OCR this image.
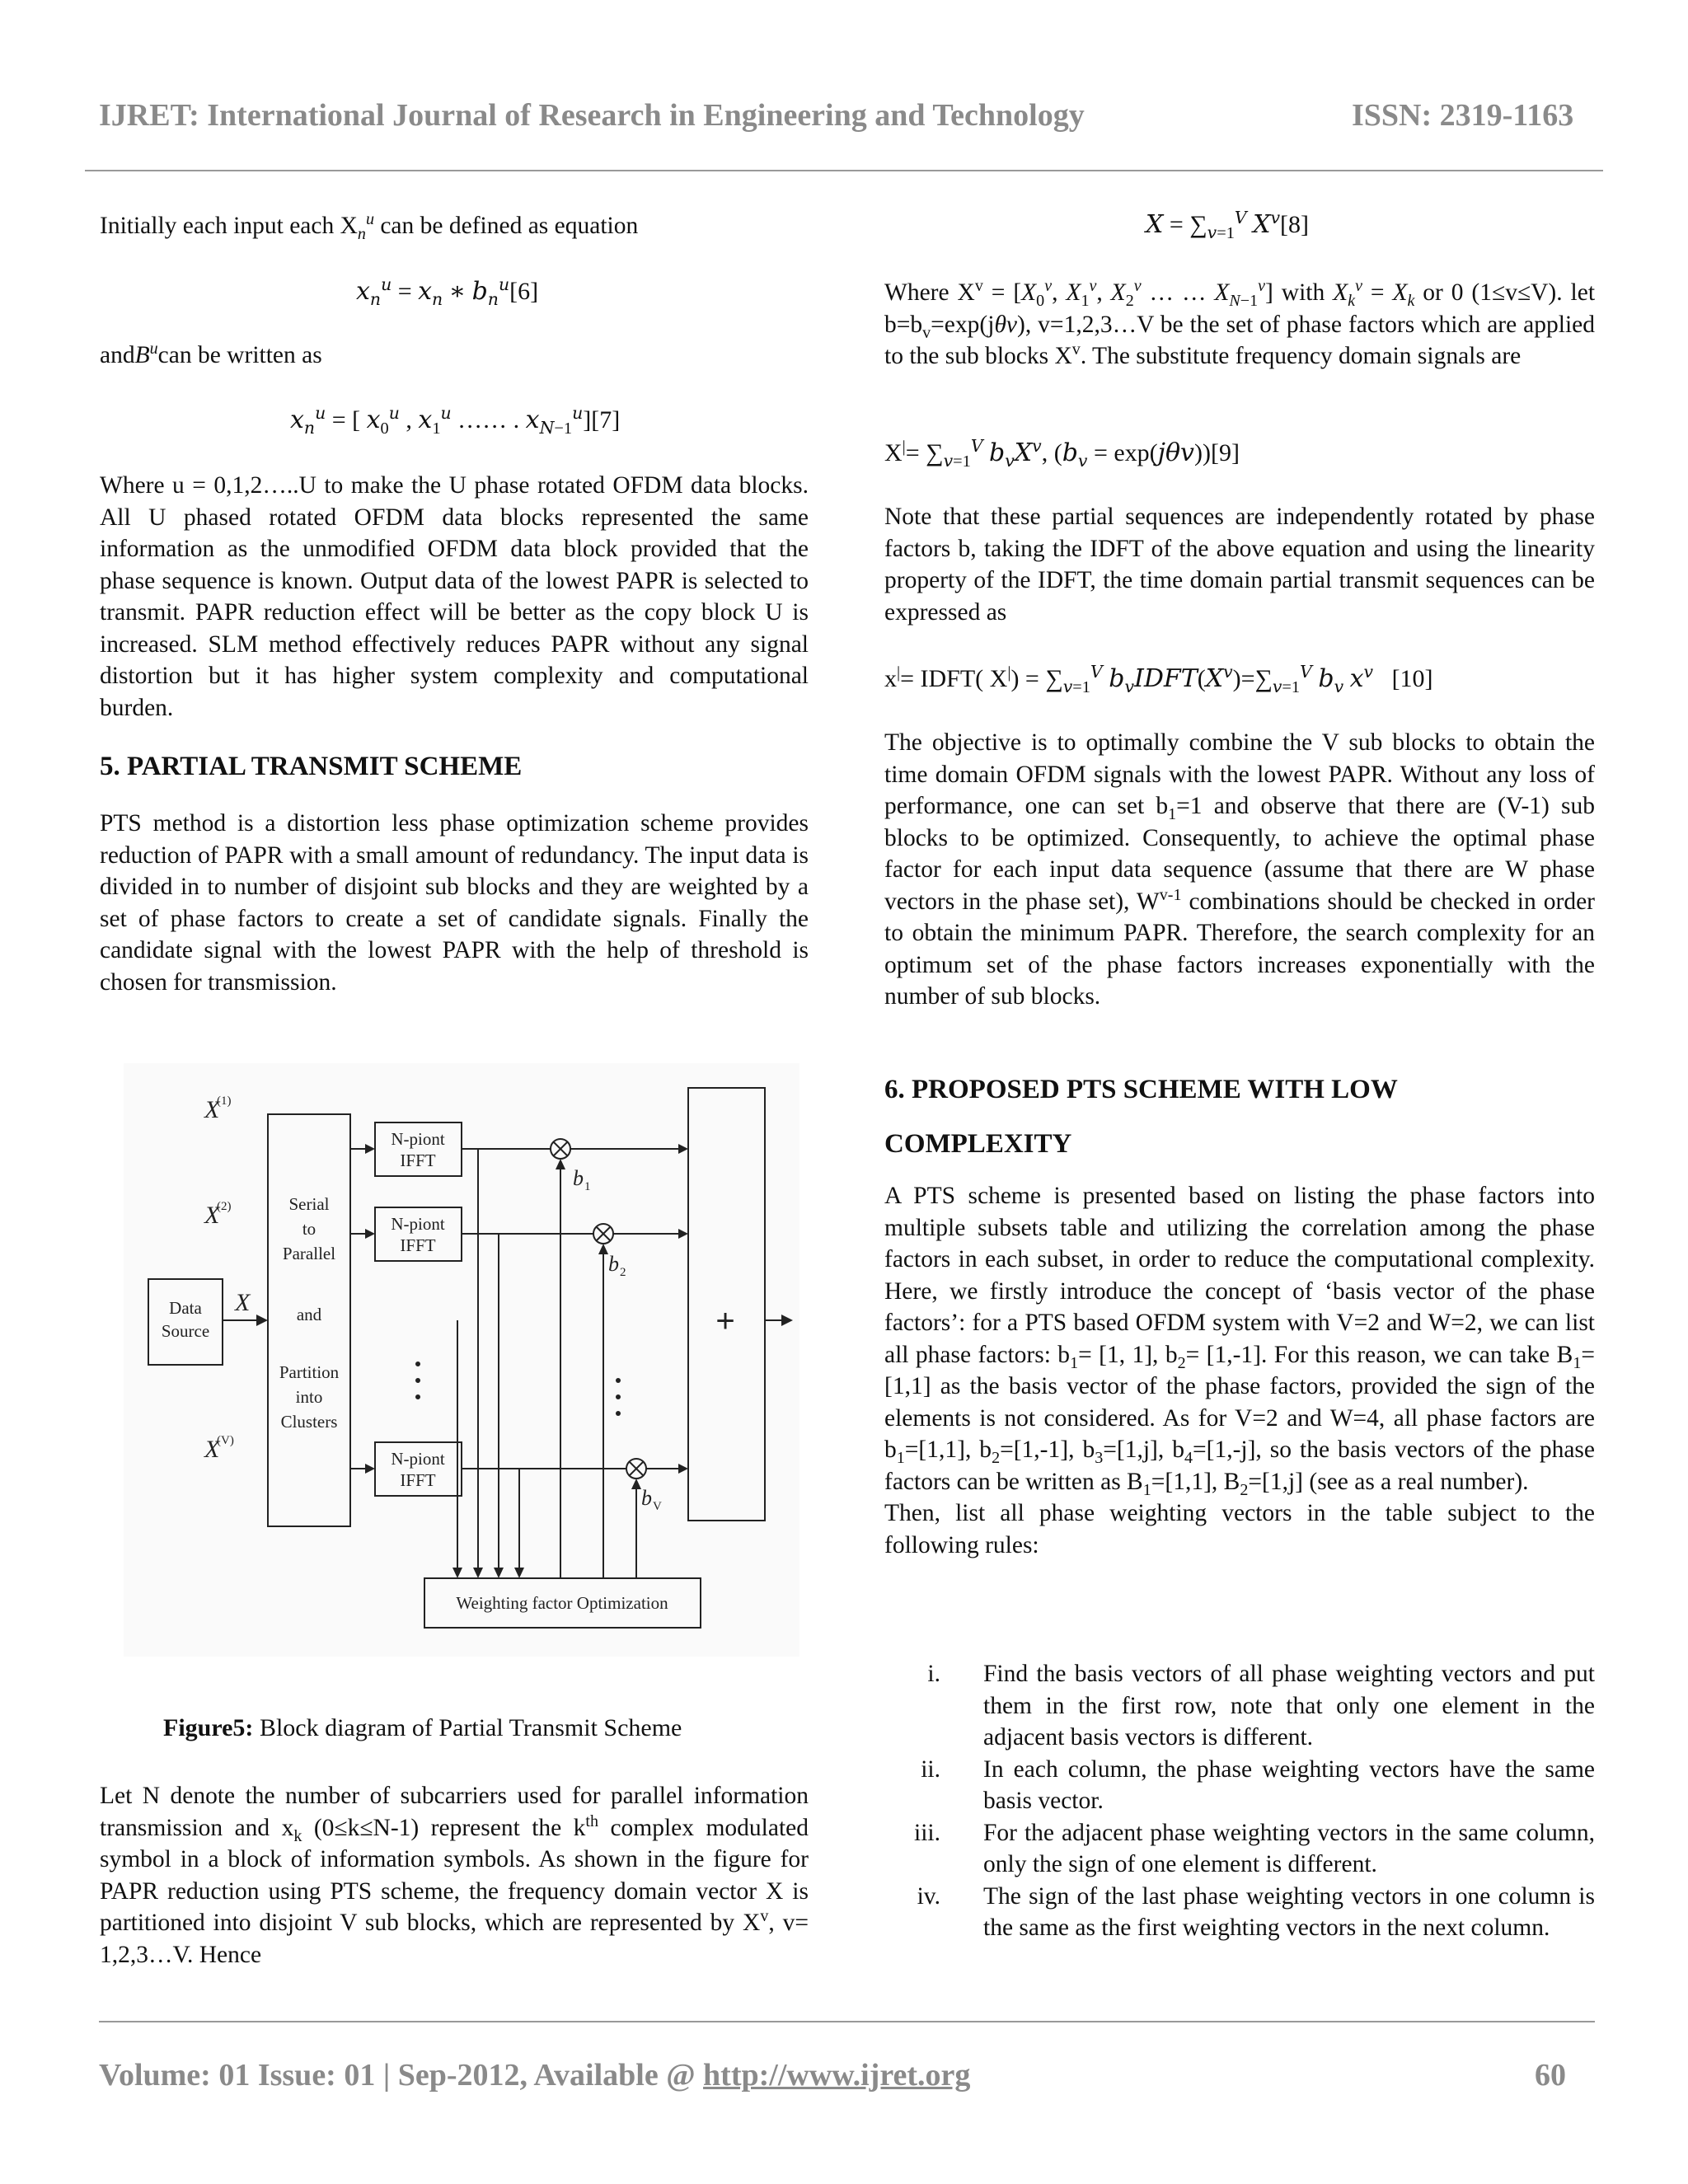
IJRET: International Journal of Research in Engineering and Technology	ISSN: 2319-1163
Initially each input each $X_n^u$ can be defined as equation
$x_n^u = x_n$ ∗ $b_n^u[6]$
andB$^u$can be written as
$x_n^u$ = [ $x_0^u$ , $x_1^u$ …… . $x_{N-1}^u][7]$

Where u = 0,1,2…..U to make the U phase rotated OFDM data blocks. All U phased rotated OFDM data blocks represented the same information as the unmodified OFDM data block provided that the phase sequence is known. Output data of the lowest PAPR is selected to transmit. PAPR reduction effect will be better as the copy block U is increased. SLM method effectively reduces PAPR without any signal distortion but it has higher system complexity and computational burden.

5. PARTIAL TRANSMIT SCHEME

PTS method is a distortion less phase optimization scheme provides reduction of PAPR with a small amount of redundancy. The input data is divided in to number of disjoint sub blocks and they are weighted by a set of phase factors to create a set of candidate signals. Finally the candidate signal with the lowest PAPR with the help of threshold is chosen for transmission.

Data
Source
Serial
to
Parallel
and
Partition
into
Clusters
N-piont
IFFT
N-piont
IFFT
N-piont
IFFT
Weighting factor Optimization
X
X
X
X
b
b
b
(1)
(2)
(V)
1
2
V
+
Figure5: Block diagram of Partial Transmit Scheme

Let N denote the number of subcarriers used for parallel information transmission and $x_k$ (0≤k≤N-1) represent the $k^{th}$ complex modulated symbol in a block of information symbols. As shown in the figure for PAPR reduction using PTS scheme, the frequency domain vector X is partitioned into disjoint V sub blocks, which are represented by $X^v$, v= 1,2,3…V. Hence

$X = \sum_{v=1}^V$ $X^v[8]$

Where $X^v = [X_0^v$, $X_1^v$, $X_2^v$ … … $X_{N-1}^v$] with $X_k^v = X_k$ or 0 (1≤v≤V). let $b=b_v=\exp(j\theta v)$, v=1,2,3…V be the set of phase factors which are applied to the sub blocks $X^v$. The substitute frequency domain signals are

$X^|= \sum_{v=1}^V$ $b_vX^v$, $(b_v = \exp(j\theta v))[9]$

Note that these partial sequences are independently rotated by phase factors b, taking the IDFT of the above equation and using the linearity property of the IDFT, the time domain partial transmit sequences can be expressed as

x|= IDFT( $X^|) = \sum_{v=1}^V$ $b_vIDFT(X^v)=\sum_{v=1}^V$ $b_v$ $x^v$ [10]

The objective is to optimally combine the V sub blocks to obtain the time domain OFDM signals with the lowest PAPR. Without any loss of performance, one can set $b_1=1$ and observe that there are (V-1) sub blocks to be optimized. Consequently, to achieve the optimal phase factor for each input data sequence (assume that there are W phase vectors in the phase set), $W^{v-1}$ combinations should be checked in order to obtain the minimum PAPR. Therefore, the search complexity for an optimum set of the phase factors increases exponentially with the number of sub blocks.

6. PROPOSED PTS SCHEME WITH LOW
COMPLEXITY

A PTS scheme is presented based on listing the phase factors into multiple subsets table and utilizing the correlation among the phase factors in each subset, in order to reduce the computational complexity. Here, we firstly introduce the concept of ‘basis vector of the phase factors’: for a PTS based OFDM system with V=2 and W=2, we can list all phase factors: $b_1= [1$, 1], $b_2= [1,-1]$. For this reason, we can take $B_1=[1,1]$ as the basis vector of the phase factors, provided the sign of the elements is not considered. As for V=2 and W=4, all phase factors are $b_1=[1,1]$, $b_2=[1,-1]$, $b_3=[1,j]$, $b_4=[1,-j]$, so the basis vectors of the phase factors can be written as $B_1=[1,1]$, $B_2=[1,j]$ (see as a real number).

Then, list all phase weighting vectors in the table subject to the following rules:

i.	Find the basis vectors of all phase weighting vectors and put them in the first row, note that only one element in the adjacent basis vectors is different.
ii.	In each column, the phase weighting vectors have the same basis vector.
iii.	For the adjacent phase weighting vectors in the same column, only the sign of one element is different.
iv.	The sign of the last phase weighting vectors in one column is the same as the first weighting vectors in the next column.
Volume: 01 Issue: 01 | Sep-2012, Available @ http://www.ijret.org	60
